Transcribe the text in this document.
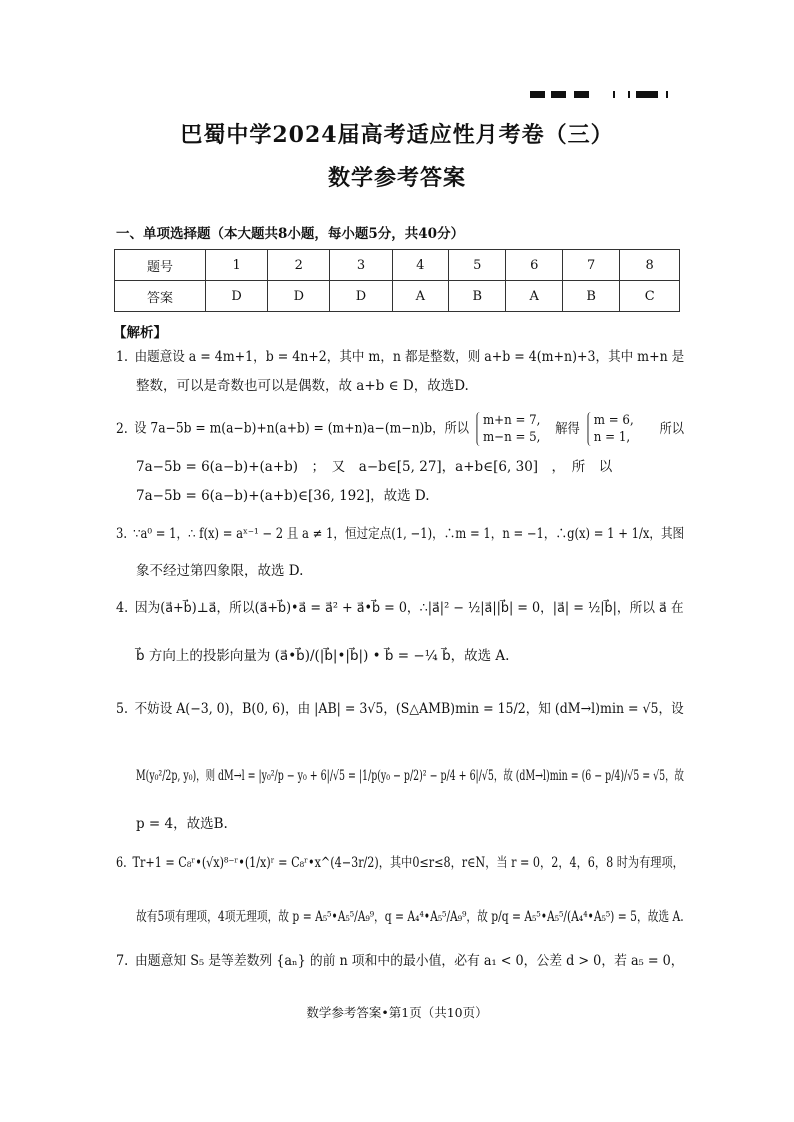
巴蜀中学2024届高考适应性月考卷（三）
数学参考答案
一、单项选择题（本大题共8小题，每小题5分，共40分）
题号	1	2	3	4	5	6	7	8
答案	D	D	D	A	B	A	B	C
【解析】
1. 由题意设 a = 4m+1，b = 4n+2，其中 m，n 都是整数，则 a+b = 4(m+n)+3，其中 m+n 是
整数，可以是奇数也可以是偶数，故 a+b ∈ D，故选D.
2. 设 7a−5b = m(a−b)+n(a+b) = (m+n)a−(m−n)b，所以 m+n = 7,
m−n = 5, 解得 m = 6,
n = 1, 所以
7a−5b = 6(a−b)+(a+b)　；　又　a−b∈[5, 27]，a+b∈[6, 30]　，　所　以
7a−5b = 6(a−b)+(a+b)∈[36, 192]，故选 D.
3. ∵a⁰ = 1，∴ f(x) = aˣ⁻¹ − 2 且 a ≠ 1，恒过定点(1, −1)，∴m = 1，n = −1，∴g(x) = 1 + 1/x，其图
象不经过第四象限，故选 D.
4. 因为(a⃗+b⃗)⊥a⃗，所以(a⃗+b⃗)•a⃗ = a⃗² + a⃗•b⃗ = 0，∴|a⃗|² − ½|a⃗||b⃗| = 0，|a⃗| = ½|b⃗|，所以 a⃗ 在
b⃗ 方向上的投影向量为 (a⃗•b⃗)/(|b⃗|•|b⃗|) • b⃗ = −¼ b⃗，故选 A.
5. 不妨设 A(−3, 0)，B(0, 6)，由 |AB| = 3√5，(S△AMB)min = 15/2，知 (dM→l)min = √5，设
M(y₀²/2p, y₀)，则 dM→l = |y₀²/p − y₀ + 6|/√5 = |1/p(y₀ − p/2)² − p/4 + 6|/√5，故 (dM→l)min = (6 − p/4)/√5 = √5，故
p = 4，故选B.
6. Tr+1 = C₈ʳ•(√x)⁸⁻ʳ•(1/x)ʳ = C₈ʳ•x^(4−3r/2)，其中0≤r≤8，r∈N，当 r = 0，2，4，6，8 时为有理项，
故有5项有理项，4项无理项，故 p = A₅⁵•A₅⁵/A₉⁹，q = A₄⁴•A₅⁵/A₉⁹，故 p/q = A₅⁵•A₅⁵/(A₄⁴•A₅⁵) = 5，故选 A.
7. 由题意知 S₅ 是等差数列 {aₙ} 的前 n 项和中的最小值，必有 a₁ < 0，公差 d > 0，若 a₅ = 0，
数学参考答案•第1页（共10页）
